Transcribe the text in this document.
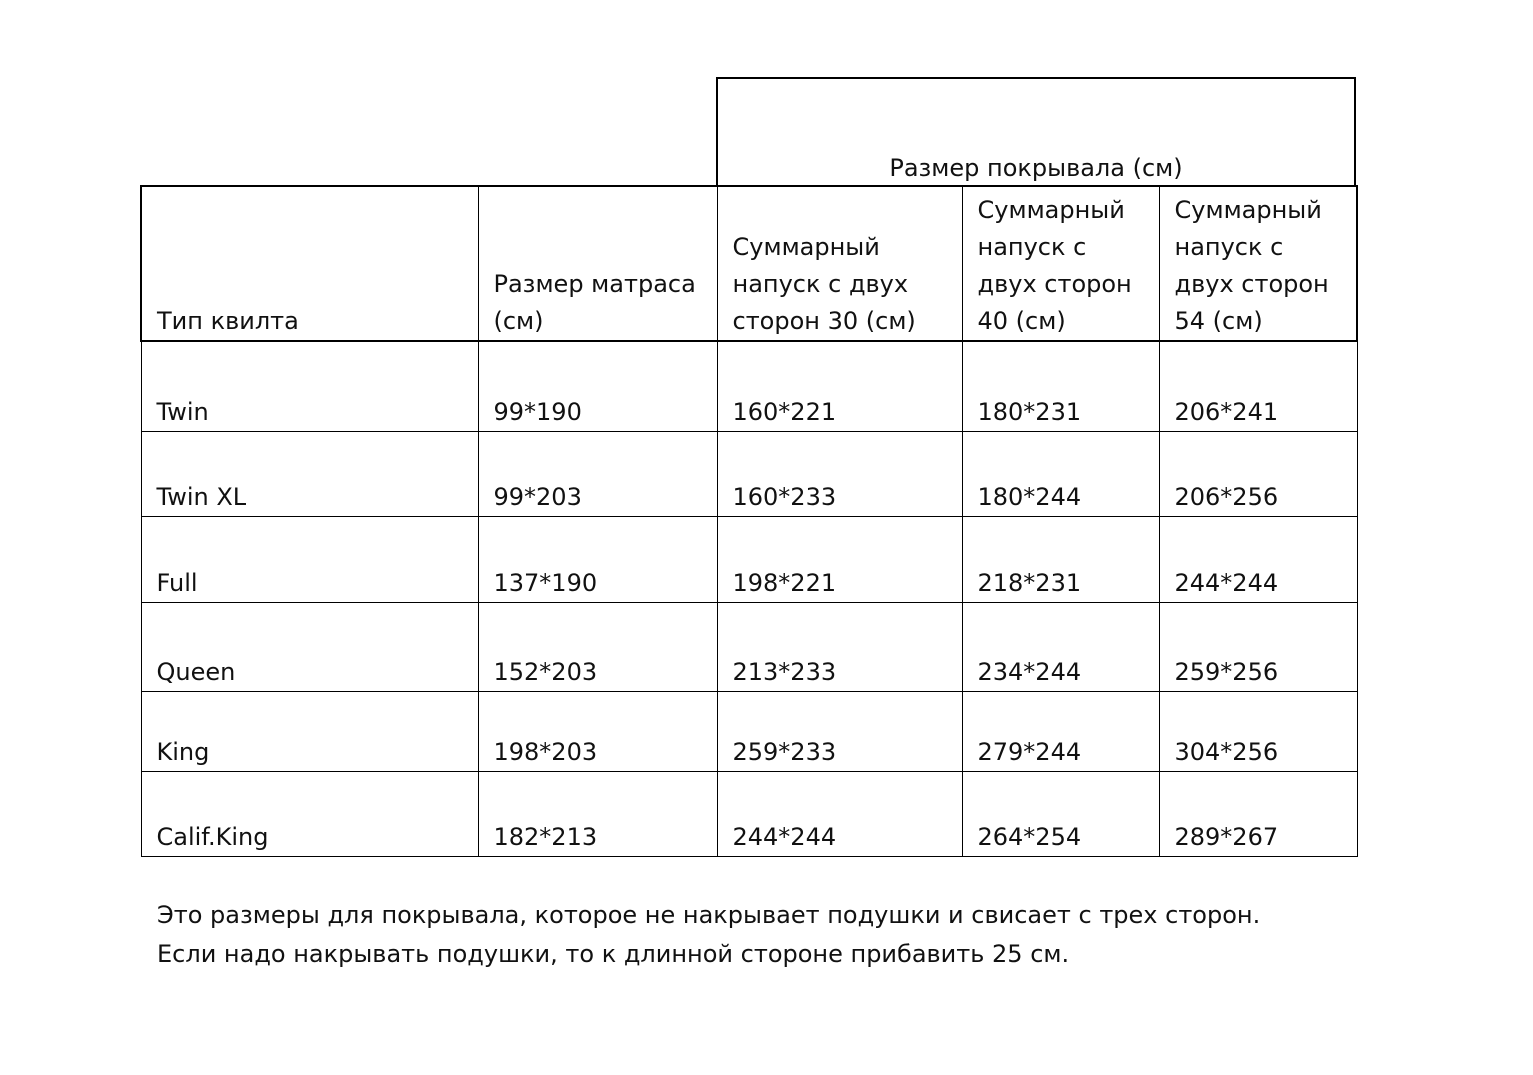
Размер покрывала (см)
Тип квилта	Размер матраса (см)	Суммарный напуск с двух сторон 30 (см)	Суммарный напуск с двух сторон 40 (см)	Суммарный напуск с двух сторон 54 (см)
Twin	99*190	160*221	180*231	206*241
Twin XL	99*203	160*233	180*244	206*256
Full	137*190	198*221	218*231	244*244
Queen	152*203	213*233	234*244	259*256
King	198*203	259*233	279*244	304*256
Calif.King	182*213	244*244	264*254	289*267

Это размеры для покрывала, которое не накрывает подушки и свисает с трех сторон.

Если надо накрывать подушки, то к длинной стороне прибавить 25 см.
